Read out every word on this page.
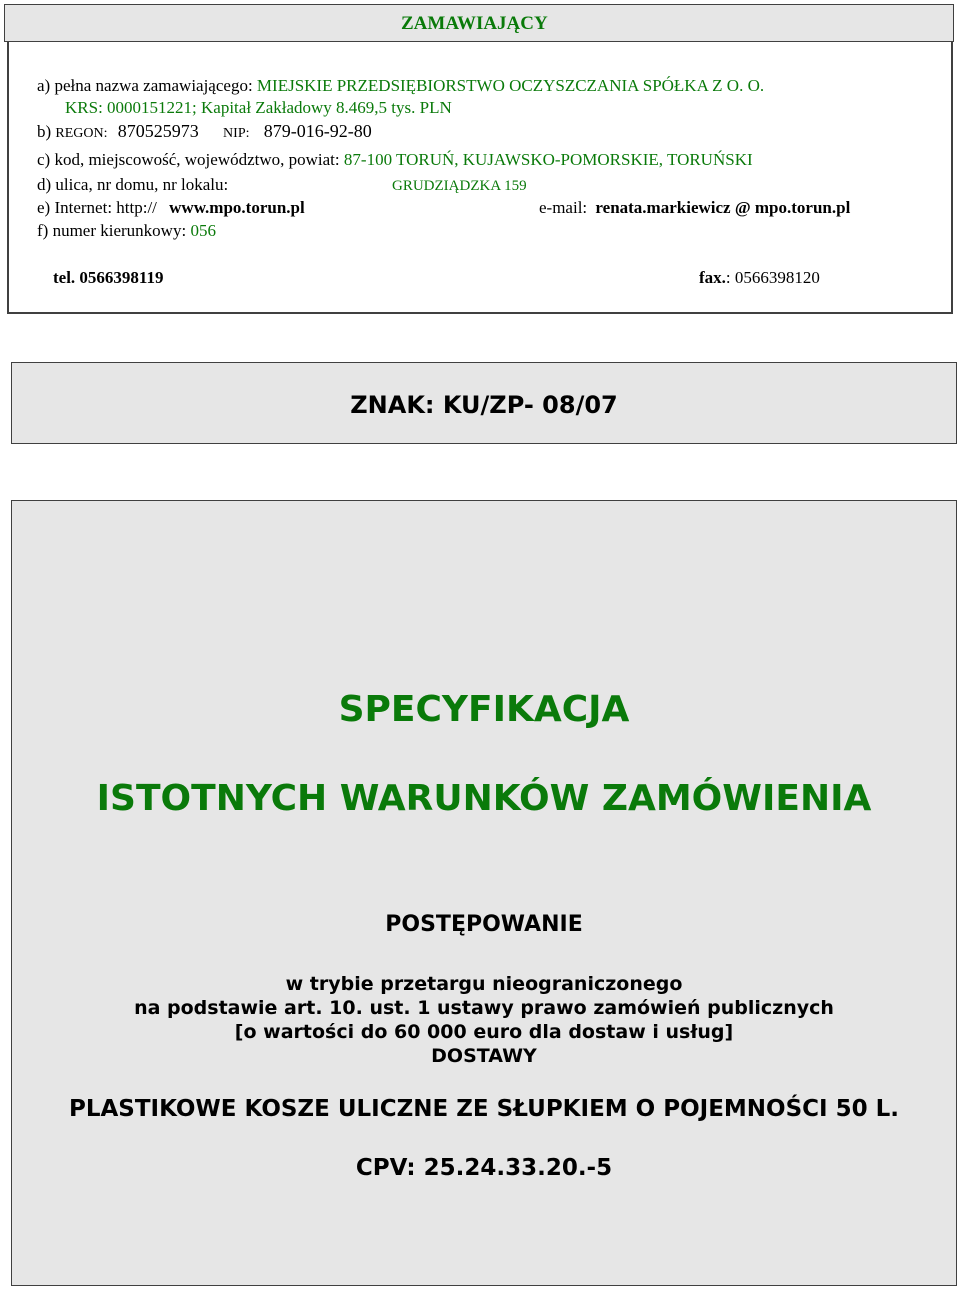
ZAMAWIAJĄCY
a) pełna nazwa zamawiającego: MIEJSKIE PRZEDSIĘBIORSTWO OCZYSZCZANIA SPÓŁKA Z O. O.
KRS: 0000151221; Kapitał Zakładowy 8.469,5 tys. PLN
b) REGON: 870525973 NIP: 879-016-92-80
c) kod, miejscowość, województwo, powiat: 87-100 TORUŃ, KUJAWSKO-POMORSKIE, TORUŃSKI
d) ulica, nr domu, nr lokalu:	GRUDZIĄDZKA 159
e) Internet: http:// www.mpo.torun.pl	e-mail: renata.markiewicz @ mpo.torun.pl
f) numer kierunkowy: 056
tel. 0566398119	fax.: 0566398120
ZNAK: KU/ZP- 08/07
SPECYFIKACJA
ISTOTNYCH WARUNKÓW ZAMÓWIENIA
POSTĘPOWANIE
w trybie przetargu nieograniczonego
na podstawie art. 10. ust. 1 ustawy prawo zamówień publicznych
[o wartości do 60 000 euro dla dostaw i usług]
DOSTAWY
PLASTIKOWE KOSZE ULICZNE ZE SŁUPKIEM O POJEMNOŚCI 50 L.
CPV: 25.24.33.20.-5
